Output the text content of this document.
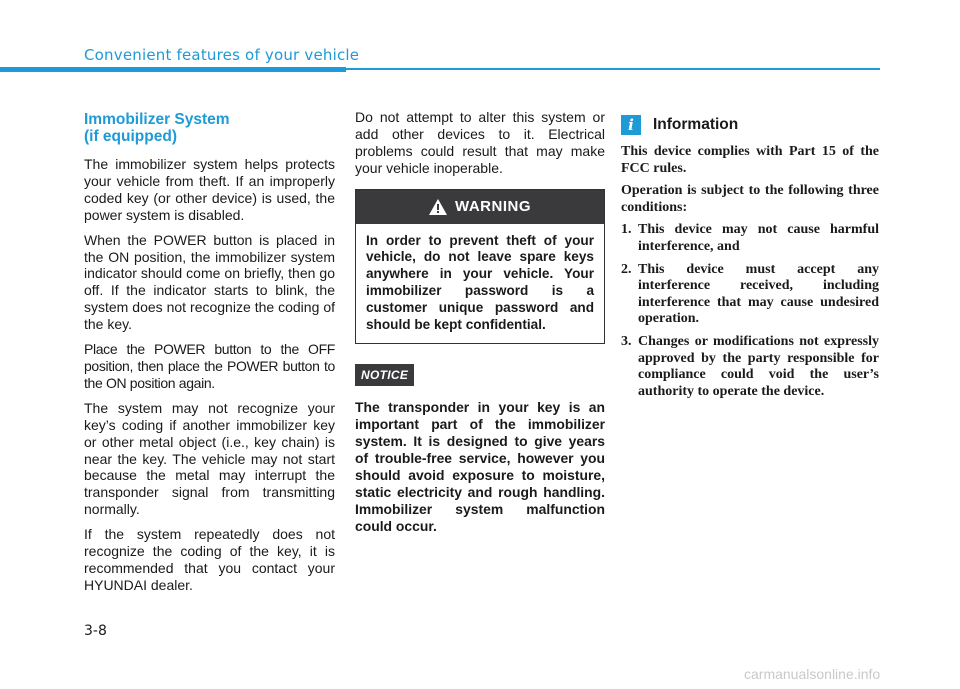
Convenient features of your vehicle
Immobilizer System
(if equipped)

The immobilizer system helps protects your vehicle from theft. If an improperly coded key (or other device) is used, the power system is disabled.

When the POWER button is placed in the ON position, the immobilizer system indicator should come on briefly, then go off. If the indicator starts to blink, the system does not recognize the coding of the key.

Place the POWER button to the OFF position, then place the POWER button to the ON position again.

The system may not recognize your key’s coding if another immobilizer key or other metal object (i.e., key chain) is near the key. The vehicle may not start because the metal may interrupt the transponder signal from transmitting normally.

If the system repeatedly does not recognize the coding of the key, it is recommended that you contact your HYUNDAI dealer.

Do not attempt to alter this system or add other devices to it. Electrical problems could result that may make your vehicle inoperable.

WARNING
In order to prevent theft of your vehicle, do not leave spare keys anywhere in your vehicle. Your immobilizer password is a customer unique password and should be kept confidential.
NOTICE
The transponder in your key is an important part of the immobilizer system. It is designed to give years of trouble-free service, however you should avoid exposure to moisture, static electricity and rough handling. Immobilizer system malfunction could occur.
i	Information

This device complies with Part 15 of the FCC rules.

Operation is subject to the following three conditions:

1. This device may not cause harmful interference, and
2. This device must accept any interference received, including interference that may cause undesired operation.
3. Changes or modifications not expressly approved by the party responsible for compliance could void the user’s authority to operate the device.
3-8
carmanualsonline.info
